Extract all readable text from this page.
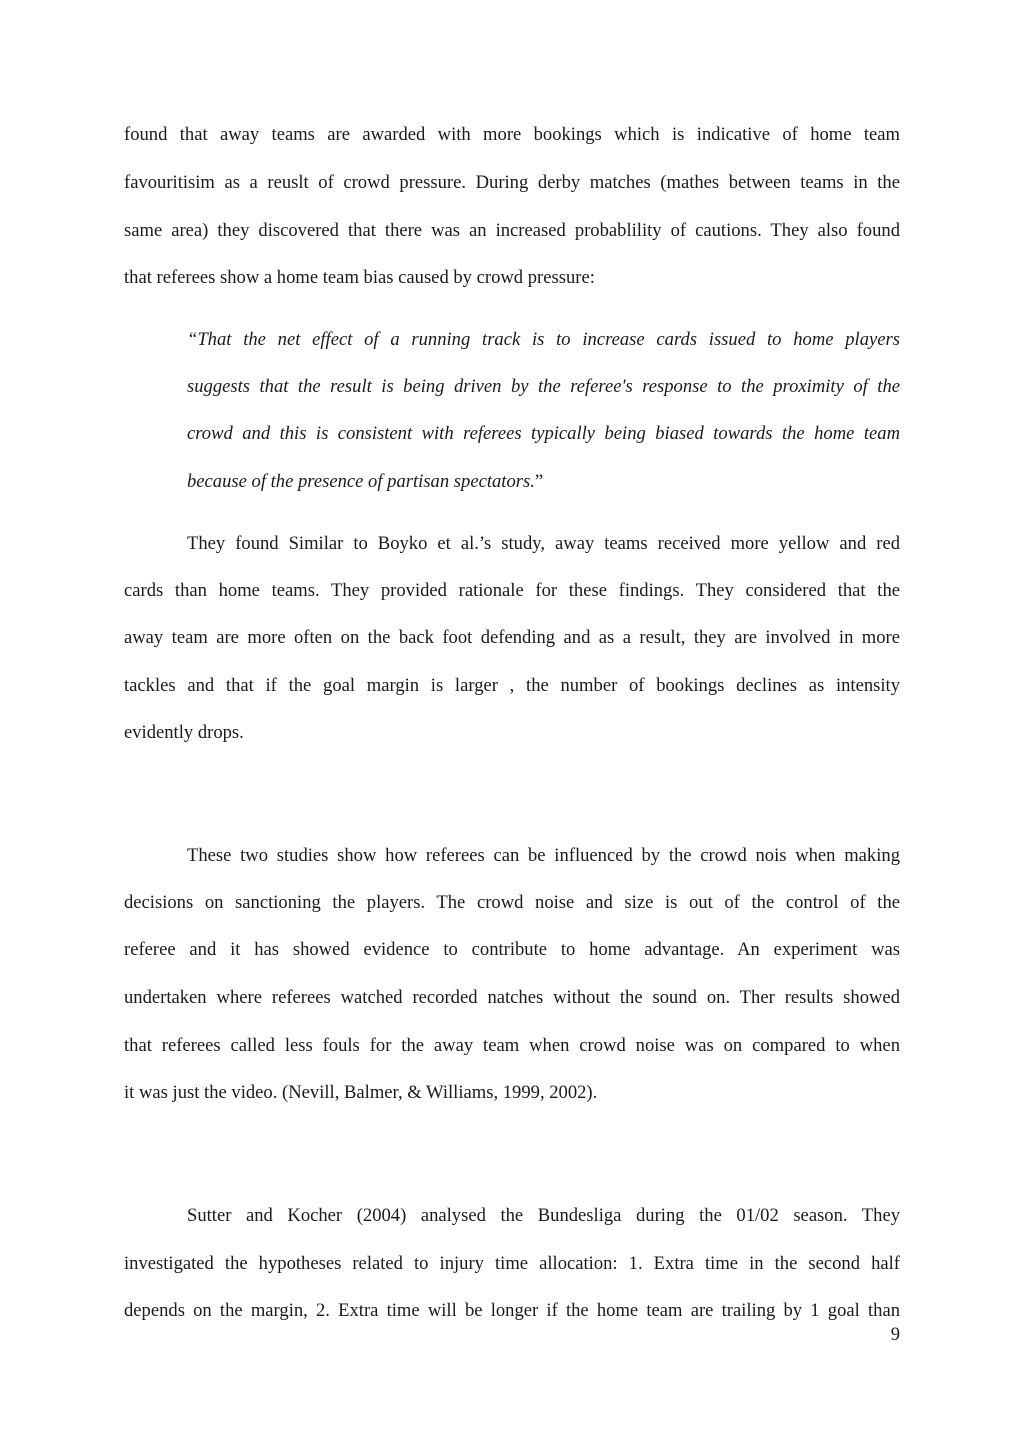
found that away teams are awarded with more bookings which is indicative of home team
favouritisim as a reuslt of crowd pressure. During derby matches (mathes between teams in the
same area) they discovered that there was an increased probablility of cautions. They also found
that referees show a home team bias caused by crowd pressure:
“That the net effect of a running track is to increase cards issued to home players
suggests that the result is being driven by the referee's response to the proximity of the
crowd and this is consistent with referees typically being biased towards the home team
because of the presence of partisan spectators.”
They found Similar to Boyko et al.’s study, away teams received more yellow and red
cards than home teams. They provided rationale for these findings. They considered that the
away team are more often on the back foot defending and as a result, they are involved in more
tackles and that if the goal margin is larger , the number of bookings declines as intensity
evidently drops.
These two studies show how referees can be influenced by the crowd nois when making
decisions on sanctioning the players. The crowd noise and size is out of the control of the
referee and it has showed evidence to contribute to home advantage. An experiment was
undertaken where referees watched recorded natches without the sound on. Ther results showed
that referees called less fouls for the away team when crowd noise was on compared to when
it was just the video. (Nevill, Balmer, & Williams, 1999, 2002).
Sutter and Kocher (2004) analysed the Bundesliga during the 01/02 season. They
investigated the hypotheses related to injury time allocation: 1. Extra time in the second half
depends on the margin, 2. Extra time will be longer if the home team are trailing by 1 goal than
9
